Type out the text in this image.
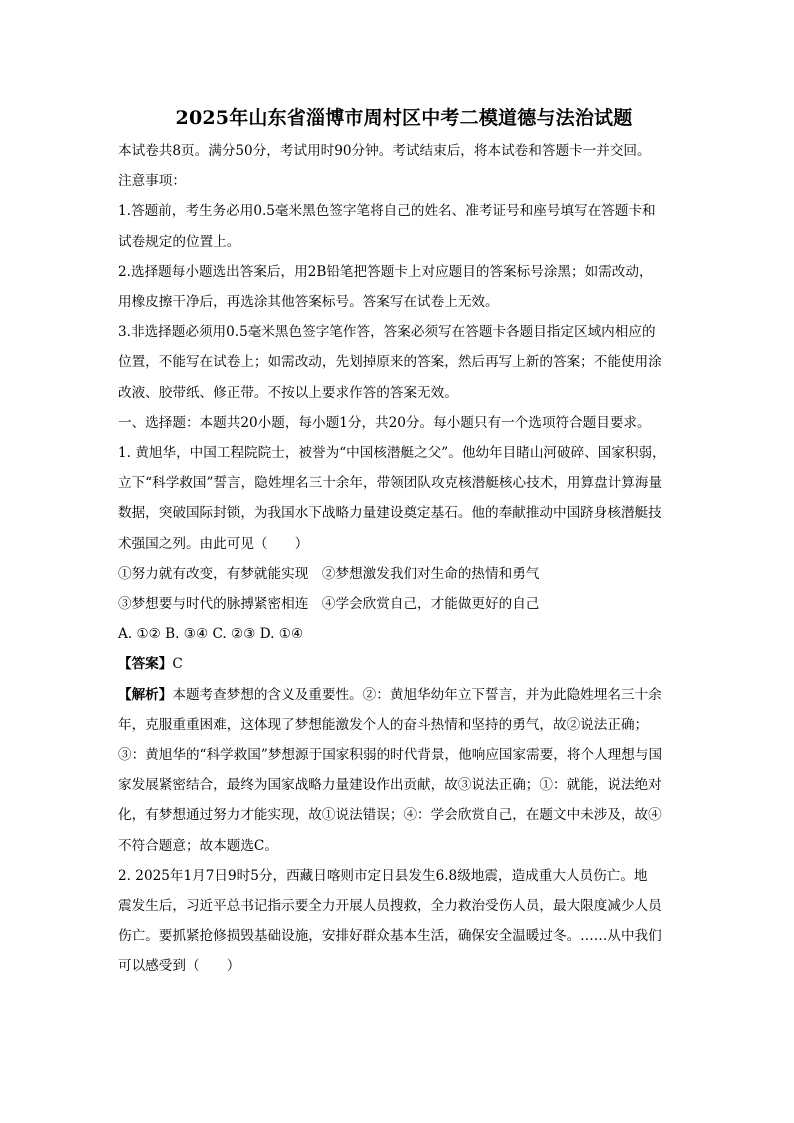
2025年山东省淄博市周村区中考二模道德与法治试题

本试卷共8页。满分50分，考试用时90分钟。考试结束后，将本试卷和答题卡一并交回。

注意事项：

1.答题前，考生务必用0.5毫米黑色签字笔将自己的姓名、准考证号和座号填写在答题卡和

试卷规定的位置上。

2.选择题每小题选出答案后，用2B铅笔把答题卡上对应题目的答案标号涂黑；如需改动，

用橡皮擦干净后，再选涂其他答案标号。答案写在试卷上无效。

3.非选择题必须用0.5毫米黑色签字笔作答，答案必须写在答题卡各题目指定区域内相应的

位置，不能写在试卷上；如需改动，先划掉原来的答案，然后再写上新的答案；不能使用涂

改液、胶带纸、修正带。不按以上要求作答的答案无效。

一、选择题：本题共20小题，每小题1分，共20分。每小题只有一个选项符合题目要求。

1. 黄旭华，中国工程院院士，被誉为“中国核潜艇之父”。他幼年目睹山河破碎、国家积弱，

立下“科学救国”誓言，隐姓埋名三十余年，带领团队攻克核潜艇核心技术，用算盘计算海量

数据，突破国际封锁，为我国水下战略力量建设奠定基石。他的奉献推动中国跻身核潜艇技

术强国之列。由此可见（　　）

①努力就有改变，有梦就能实现　②梦想激发我们对生命的热情和勇气

③梦想要与时代的脉搏紧密相连　④学会欣赏自己，才能做更好的自己

A. ①② B. ③④ C. ②③ D. ①④

【答案】C

【解析】本题考查梦想的含义及重要性。②：黄旭华幼年立下誓言，并为此隐姓埋名三十余

年，克服重重困难，这体现了梦想能激发个人的奋斗热情和坚持的勇气，故②说法正确；

③：黄旭华的“科学救国”梦想源于国家积弱的时代背景，他响应国家需要，将个人理想与国

家发展紧密结合，最终为国家战略力量建设作出贡献，故③说法正确；①：就能，说法绝对

化，有梦想通过努力才能实现，故①说法错误；④：学会欣赏自己，在题文中未涉及，故④

不符合题意；故本题选C。

2. 2025年1月7日9时5分，西藏日喀则市定日县发生6.8级地震，造成重大人员伤亡。地

震发生后，习近平总书记指示要全力开展人员搜救，全力救治受伤人员，最大限度减少人员

伤亡。要抓紧抢修损毁基础设施，安排好群众基本生活，确保安全温暖过冬。……从中我们

可以感受到（　　）
